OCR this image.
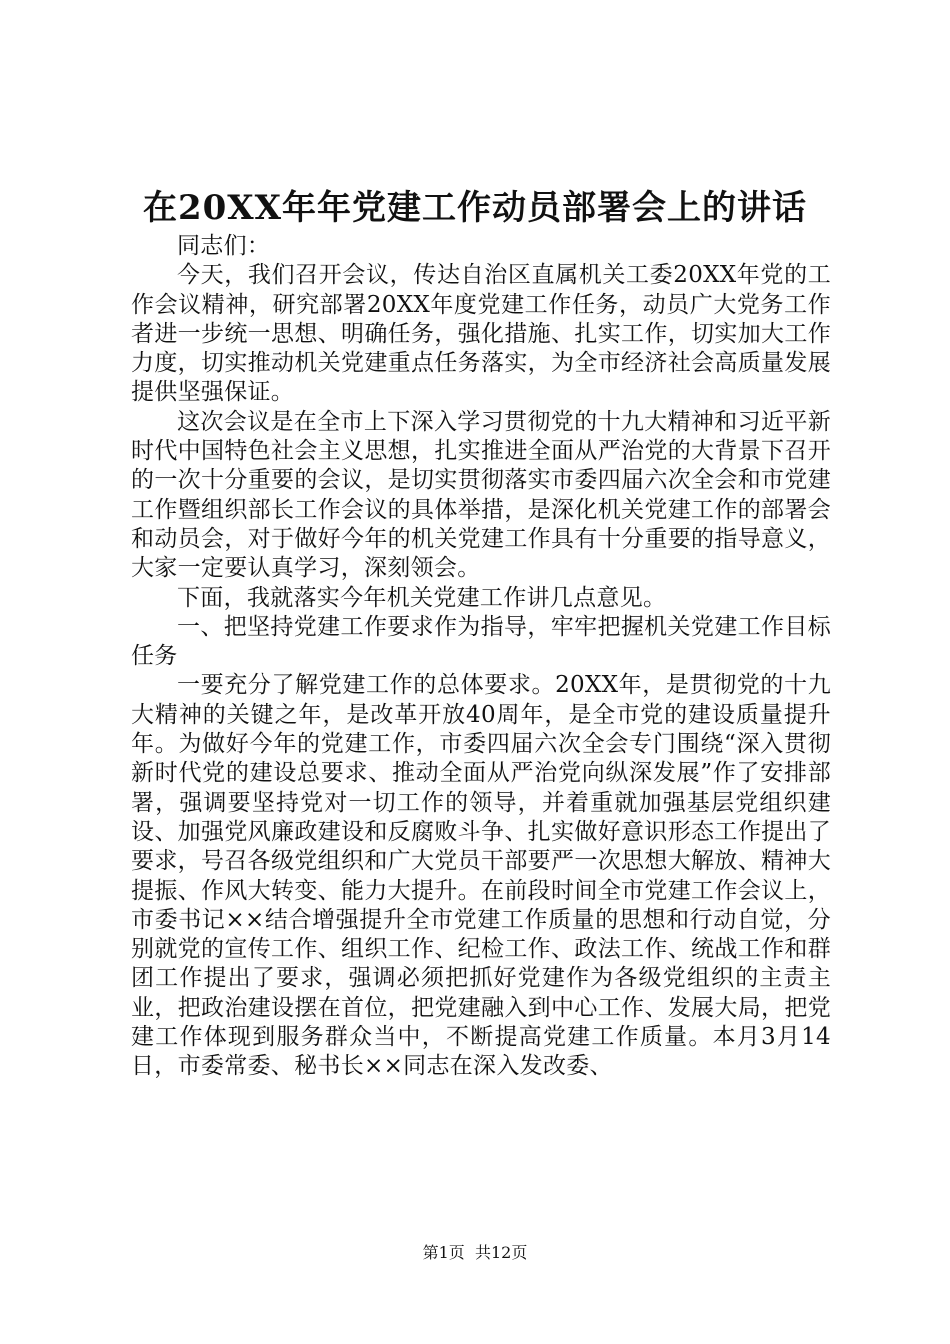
在20XX年年党建工作动员部署会上的讲话

同志们：

今天，我们召开会议，传达自治区直属机关工委20XX年党的工作会议精神，研究部署20XX年度党建工作任务，动员广大党务工作者进一步统一思想、明确任务，强化措施、扎实工作，切实加大工作力度，切实推动机关党建重点任务落实，为全市经济社会高质量发展提供坚强保证。

这次会议是在全市上下深入学习贯彻党的十九大精神和习近平新时代中国特色社会主义思想，扎实推进全面从严治党的大背景下召开的一次十分重要的会议，是切实贯彻落实市委四届六次全会和市党建工作暨组织部长工作会议的具体举措，是深化机关党建工作的部署会和动员会，对于做好今年的机关党建工作具有十分重要的指导意义，大家一定要认真学习，深刻领会。

下面，我就落实今年机关党建工作讲几点意见。

一、把坚持党建工作要求作为指导，牢牢把握机关党建工作目标任务

一要充分了解党建工作的总体要求。20XX年，是贯彻党的十九大精神的关键之年，是改革开放40周年，是全市党的建设质量提升年。为做好今年的党建工作，市委四届六次全会专门围绕“深入贯彻新时代党的建设总要求、推动全面从严治党向纵深发展”作了安排部署，强调要坚持党对一切工作的领导，并着重就加强基层党组织建设、加强党风廉政建设和反腐败斗争、扎实做好意识形态工作提出了要求，号召各级党组织和广大党员干部要严一次思想大解放、精神大提振、作风大转变、能力大提升。在前段时间全市党建工作会议上，市委书记××结合增强提升全市党建工作质量的思想和行动自觉，分别就党的宣传工作、组织工作、纪检工作、政法工作、统战工作和群团工作提出了要求，强调必须把抓好党建作为各级党组织的主责主业，把政治建设摆在首位，把党建融入到中心工作、发展大局，把党建工作体现到服务群众当中，不断提高党建工作质量。本月3月14日，市委常委、秘书长××同志在深入发改委、

第1页 共12页
